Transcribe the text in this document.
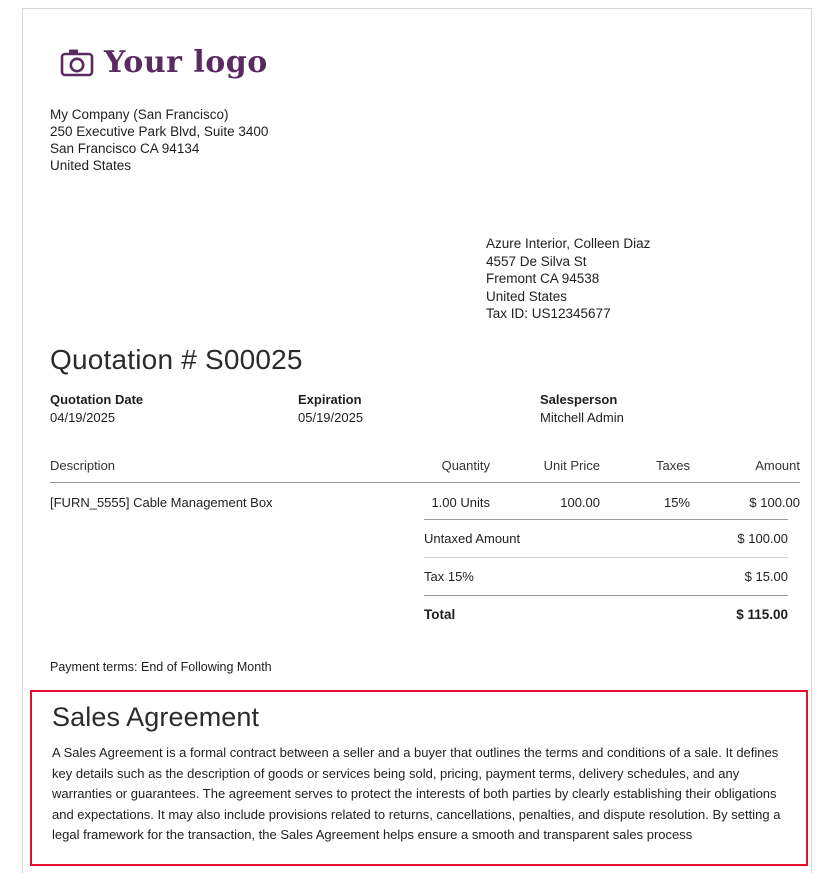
Your logo
My Company (San Francisco)
250 Executive Park Blvd, Suite 3400
San Francisco CA 94134
United States
Azure Interior, Colleen Diaz
4557 De Silva St
Fremont CA 94538
United States
Tax ID: US12345677
Quotation # S00025
Quotation Date
04/19/2025
Expiration
05/19/2025
Salesperson
Mitchell Admin
Description	Quantity	Unit Price	Taxes	Amount
[FURN_5555] Cable Management Box	1.00 Units	100.00	15%	$ 100.00
Untaxed Amount	$ 100.00
Tax 15%	$ 15.00
Total	$ 115.00
Payment terms: End of Following Month
Sales Agreement
A Sales Agreement is a formal contract between a seller and a buyer that outlines the terms and conditions of a sale. It defines key details such as the description of goods or services being sold, pricing, payment terms, delivery schedules, and any warranties or guarantees. The agreement serves to protect the interests of both parties by clearly establishing their obligations and expectations. It may also include provisions related to returns, cancellations, penalties, and dispute resolution. By setting a legal framework for the transaction, the Sales Agreement helps ensure a smooth and transparent sales process
